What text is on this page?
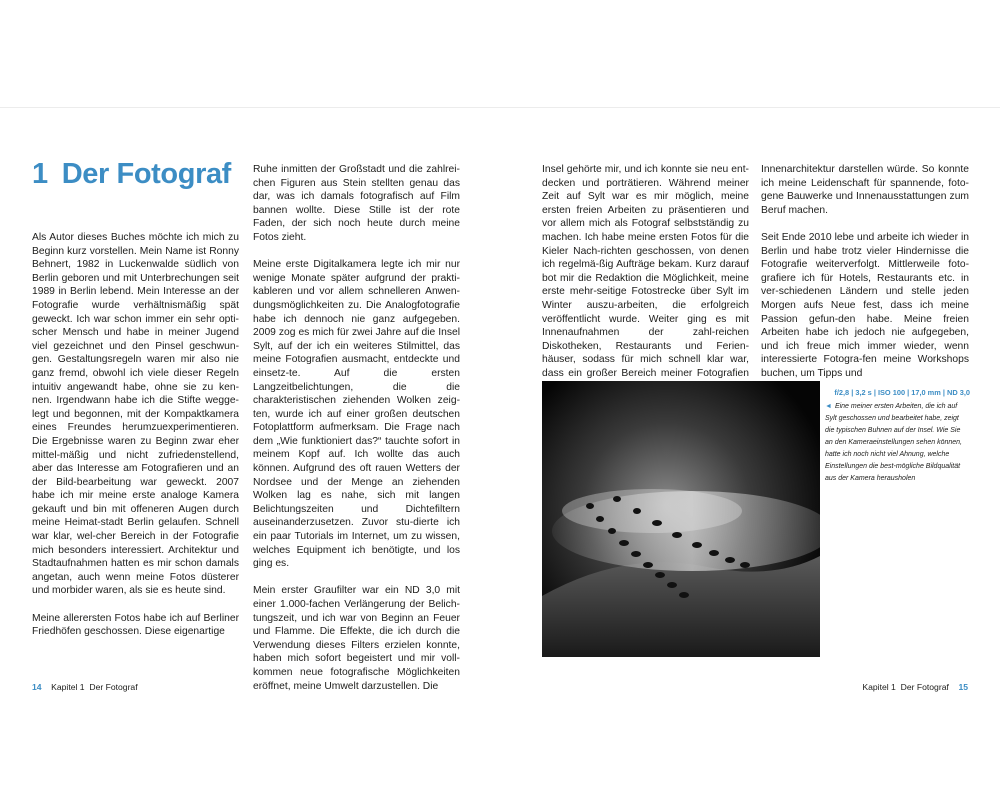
1 Der Fotograf

Als Autor dieses Buches möchte ich mich zu Beginn kurz vorstellen. Mein Name ist Ronny Behnert, 1982 in Luckenwalde südlich von Berlin geboren und mit Unterbrechungen seit 1989 in Berlin lebend. Mein Interesse an der Fotografie wurde verhältnismäßig spät geweckt. Ich war schon immer ein sehr opti-scher Mensch und habe in meiner Jugend viel gezeichnet und den Pinsel geschwun-gen. Gestaltungsregeln waren mir also nie ganz fremd, obwohl ich viele dieser Regeln intuitiv angewandt habe, ohne sie zu ken-nen. Irgendwann habe ich die Stifte wegge-legt und begonnen, mit der Kompaktkamera eines Freundes herumzuexperimentieren. Die Ergebnisse waren zu Beginn zwar eher mittel-mäßig und nicht zufriedenstellend, aber das Interesse am Fotografieren und an der Bild-bearbeitung war geweckt. 2007 habe ich mir meine erste analoge Kamera gekauft und bin mit offeneren Augen durch meine Heimat-stadt Berlin gelaufen. Schnell war klar, wel-cher Bereich in der Fotografie mich besonders interessiert. Architektur und Stadtaufnahmen hatten es mir schon damals angetan, auch wenn meine Fotos düsterer und morbider waren, als sie es heute sind.

Meine allerersten Fotos habe ich auf Berliner Friedhöfen geschossen. Diese eigenartige

Ruhe inmitten der Großstadt und die zahlrei-chen Figuren aus Stein stellten genau das dar, was ich damals fotografisch auf Film bannen wollte. Diese Stille ist der rote Faden, der sich noch heute durch meine Fotos zieht.

Meine erste Digitalkamera legte ich mir nur wenige Monate später aufgrund der prakti-kableren und vor allem schnelleren Anwen-dungsmöglichkeiten zu. Die Analogfotografie habe ich dennoch nie ganz aufgegeben. 2009 zog es mich für zwei Jahre auf die Insel Sylt, auf der ich ein weiteres Stilmittel, das meine Fotografien ausmacht, entdeckte und einsetz-te. Auf die ersten Langzeitbelichtungen, die die charakteristischen ziehenden Wolken zeig-ten, wurde ich auf einer großen deutschen Fotoplattform aufmerksam. Die Frage nach dem „Wie funktioniert das?“ tauchte sofort in meinem Kopf auf. Ich wollte das auch können. Aufgrund des oft rauen Wetters der Nordsee und der Menge an ziehenden Wolken lag es nahe, sich mit langen Belichtungszeiten und Dichtefiltern auseinanderzusetzen. Zuvor stu-dierte ich ein paar Tutorials im Internet, um zu wissen, welches Equipment ich benötigte, und los ging es.

Mein erster Graufilter war ein ND 3,0 mit einer 1.000-fachen Verlängerung der Belich-tungszeit, und ich war von Beginn an Feuer und Flamme. Die Effekte, die ich durch die Verwendung dieses Filters erzielen konnte, haben mich sofort begeistert und mir voll-kommen neue fotografische Möglichkeiten eröffnet, meine Umwelt darzustellen. Die

14 Kapitel 1 Der Fotograf

Insel gehörte mir, und ich konnte sie neu ent-decken und porträtieren. Während meiner Zeit auf Sylt war es mir möglich, meine ersten freien Arbeiten zu präsentieren und vor allem mich als Fotograf selbstständig zu machen. Ich habe meine ersten Fotos für die Kieler Nach-richten geschossen, von denen ich regelmä-ßig Aufträge bekam. Kurz darauf bot mir die Redaktion die Möglichkeit, meine erste mehr-seitige Fotostrecke über Sylt im Winter auszu-arbeiten, die erfolgreich veröffentlicht wurde. Weiter ging es mit Innenaufnahmen der zahl-reichen Diskotheken, Restaurants und Ferien-häuser, sodass für mich schnell klar war, dass ein großer Bereich meiner Fotografien

Innenarchitektur darstellen würde. So konnte ich meine Leidenschaft für spannende, foto-gene Bauwerke und Innenausstattungen zum Beruf machen.

Seit Ende 2010 lebe und arbeite ich wieder in Berlin und habe trotz vieler Hindernisse die Fotografie weiterverfolgt. Mittlerweile foto-grafiere ich für Hotels, Restaurants etc. in ver-schiedenen Ländern und stelle jeden Morgen aufs Neue fest, dass ich meine Passion gefun-den habe. Meine freien Arbeiten habe ich jedoch nie aufgegeben, und ich freue mich immer wieder, wenn interessierte Fotogra-fen meine Workshops buchen, um Tipps und

f/2,8 | 3,2 s | ISO 100 | 17,0 mm | ND 3,0
◄ Eine meiner ersten Arbeiten, die ich auf Sylt geschossen und bearbeitet habe, zeigt die typischen Buhnen auf der Insel. Wie Sie an den Kameraeinstellungen sehen können, hatte ich noch nicht viel Ahnung, welche Einstellungen die best-mögliche Bildqualität aus der Kamera herausholen
Kapitel 1 Der Fotograf 15
